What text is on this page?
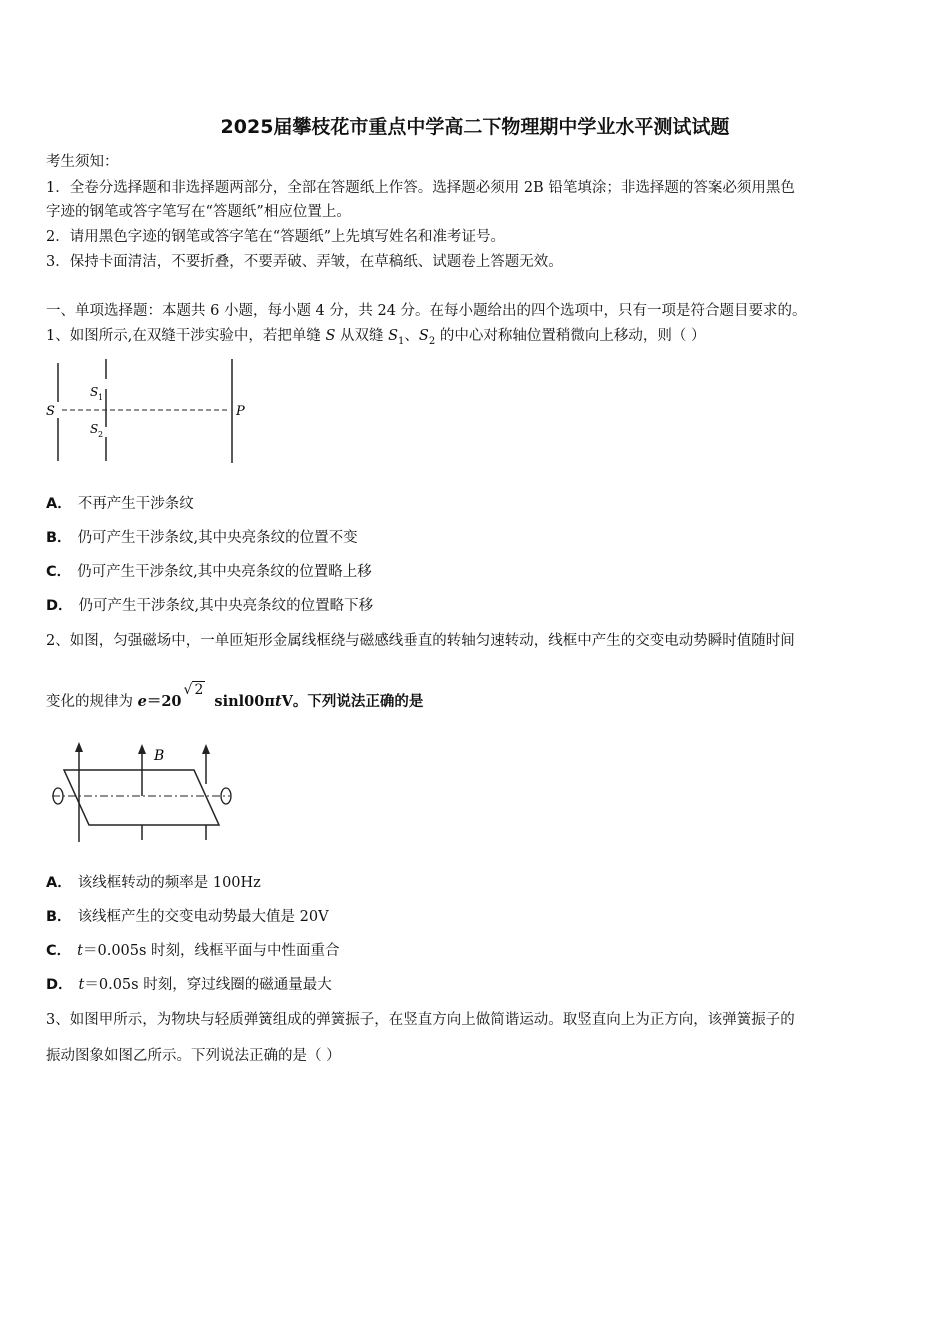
2025届攀枝花市重点中学高二下物理期中学业水平测试试题
考生须知：
1．全卷分选择题和非选择题两部分，全部在答题纸上作答。选择题必须用 2B 铅笔填涂；非选择题的答案必须用黑色
字迹的钢笔或答字笔写在“答题纸”相应位置上。
2．请用黑色字迹的钢笔或答字笔在“答题纸”上先填写姓名和准考证号。
3．保持卡面清洁，不要折叠，不要弄破、弄皱，在草稿纸、试题卷上答题无效。
一、单项选择题：本题共 6 小题，每小题 4 分，共 24 分。在每小题给出的四个选项中，只有一项是符合题目要求的。
1、如图所示,在双缝干涉实验中，若把单缝 S 从双缝 $S_1$、$S_2$ 的中心对称轴位置稍微向上移动，则（ ）
S
S 1
S 2
P
A． 不再产生干涉条纹
B． 仍可产生干涉条纹,其中央亮条纹的位置不变
C． 仍可产生干涉条纹,其中央亮条纹的位置略上移
D． 仍可产生干涉条纹,其中央亮条纹的位置略下移
2、如图，匀强磁场中，一单匝矩形金属线框绕与磁感线垂直的转轴匀速转动，线框中产生的交变电动势瞬时值随时间
变化的规律为 e＝20√ 2 sinl00πtV。下列说法正确的是
B
A． 该线框转动的频率是 100Hz
B． 该线框产生的交变电动势最大值是 20V
C． t＝0.005s 时刻，线框平面与中性面重合
D． t＝0.05s 时刻，穿过线圈的磁通量最大
3、如图甲所示，为物块与轻质弹簧组成的弹簧振子，在竖直方向上做简谐运动。取竖直向上为正方向，该弹簧振子的
振动图象如图乙所示。下列说法正确的是（ ）
